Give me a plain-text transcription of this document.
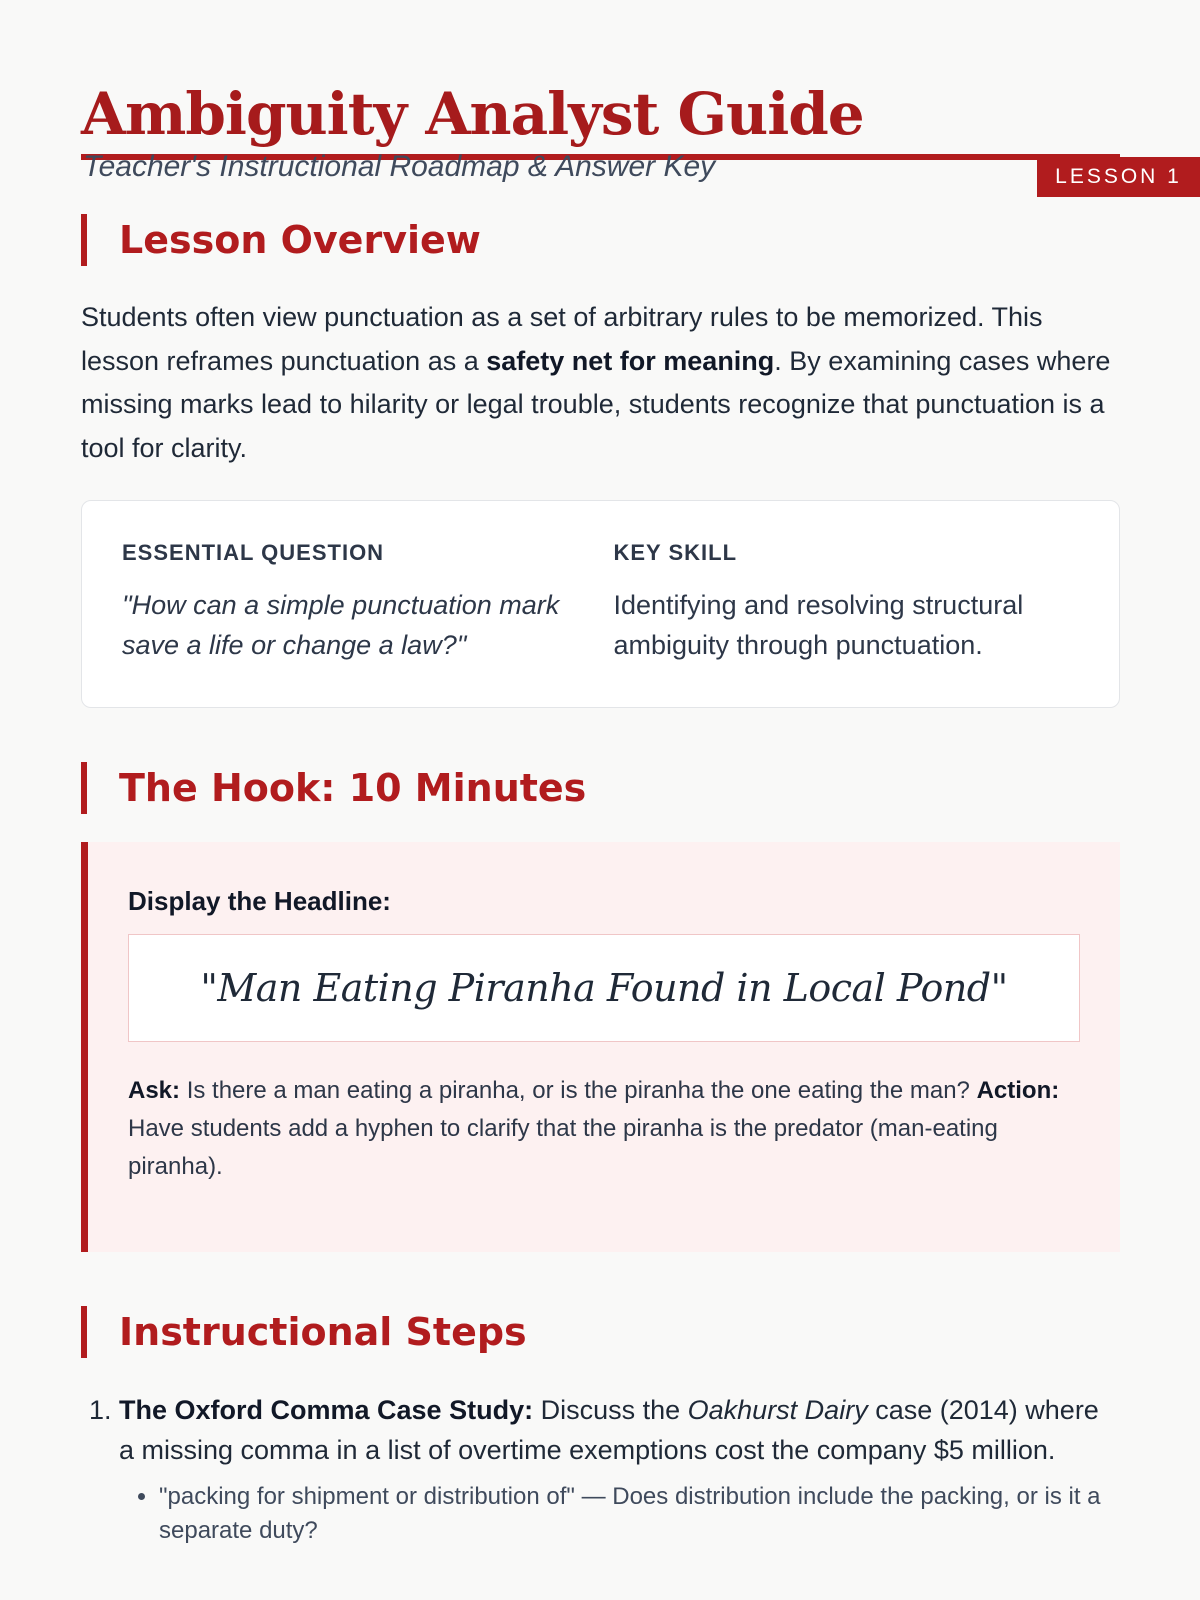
Ambiguity Analyst Guide
Teacher's Instructional Roadmap & Answer Key	LESSON 1
Lesson Overview

Students often view punctuation as a set of arbitrary rules to be memorized. This lesson reframes punctuation as a safety net for meaning. By examining cases where missing marks lead to hilarity or legal trouble, students recognize that punctuation is a tool for clarity.

ESSENTIAL QUESTION
"How can a simple punctuation mark save a life or change a law?"
KEY SKILL
Identifying and resolving structural ambiguity through punctuation.
The Hook: 10 Minutes
Display the Headline:
"Man Eating Piranha Found in Local Pond"
Ask: Is there a man eating a piranha, or is the piranha the one eating the man? Action: Have students add a hyphen to clarify that the piranha is the predator (man-eating piranha).
Instructional Steps
1. The Oxford Comma Case Study: Discuss the Oakhurst Dairy case (2014) where a missing comma in a list of overtime exemptions cost the company $5 million.
• "packing for shipment or distribution of" — Does distribution include the packing, or is it a separate duty?
